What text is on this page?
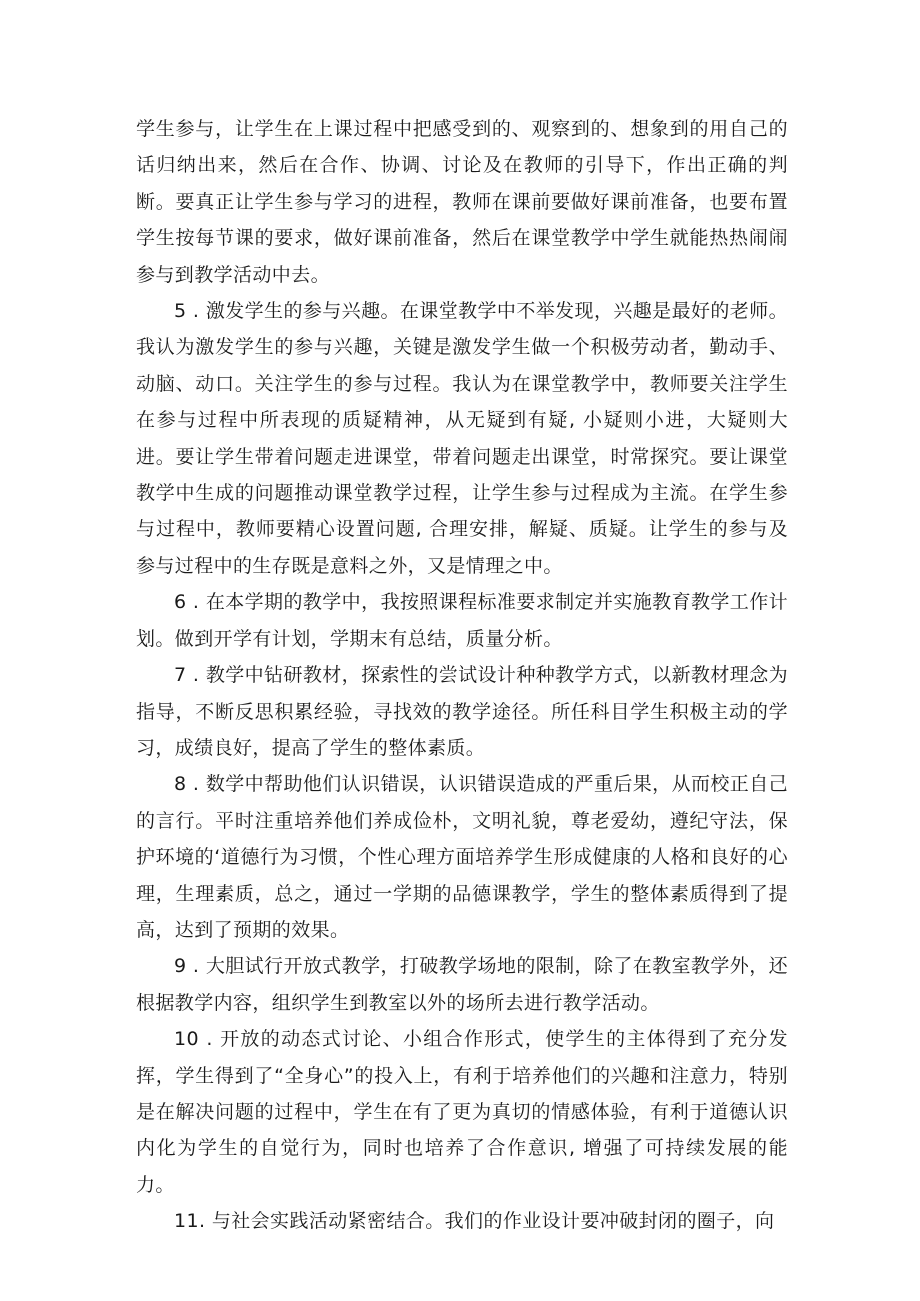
学生参与，让学生在上课过程中把感受到的、观察到的、想象到的用自己的话归纳出来，然后在合作、协调、讨论及在教师的引导下，作出正确的判断。要真正让学生参与学习的进程，教师在课前要做好课前准备，也要布置学生按每节课的要求，做好课前准备，然后在课堂教学中学生就能热热闹闹参与到教学活动中去。

5 . 激发学生的参与兴趣。在课堂教学中不举发现，兴趣是最好的老师。我认为激发学生的参与兴趣，关键是激发学生做一个积极劳动者，勤动手、动脑、动口。关注学生的参与过程。我认为在课堂教学中，教师要关注学生在参与过程中所表现的质疑精神，从无疑到有疑, 小疑则小进，大疑则大进。要让学生带着问题走进课堂，带着问题走出课堂，时常探究。要让课堂教学中生成的问题推动课堂教学过程，让学生参与过程成为主流。在学生参与过程中，教师要精心设置问题, 合理安排，解疑、质疑。让学生的参与及参与过程中的生存既是意料之外，又是情理之中。

6 . 在本学期的教学中，我按照课程标准要求制定并实施教育教学工作计划。做到开学有计划，学期末有总结，质量分析。

7 . 教学中钻研教材，探索性的尝试设计种种教学方式，以新教材理念为指导，不断反思积累经验，寻找效的教学途径。所任科目学生积极主动的学习，成绩良好，提高了学生的整体素质。

8 . 数学中帮助他们认识错误，认识错误造成的严重后果，从而校正自己的言行。平时注重培养他们养成俭朴，文明礼貌，尊老爱幼，遵纪守法，保护环境的‘道德行为习惯，个性心理方面培养学生形成健康的人格和良好的心理，生理素质，总之，通过一学期的品德课教学，学生的整体素质得到了提高，达到了预期的效果。

9 . 大胆试行开放式教学，打破教学场地的限制，除了在教室教学外，还根据教学内容，组织学生到教室以外的场所去进行教学活动。

10 . 开放的动态式讨论、小组合作形式，使学生的主体得到了充分发挥，学生得到了“全身心”的投入上，有利于培养他们的兴趣和注意力，特别是在解决问题的过程中，学生在有了更为真切的情感体验，有利于道德认识内化为学生的自觉行为，同时也培养了合作意识, 增强了可持续发展的能力。

11. 与社会实践活动紧密结合。我们的作业设计要冲破封闭的圈子，向
